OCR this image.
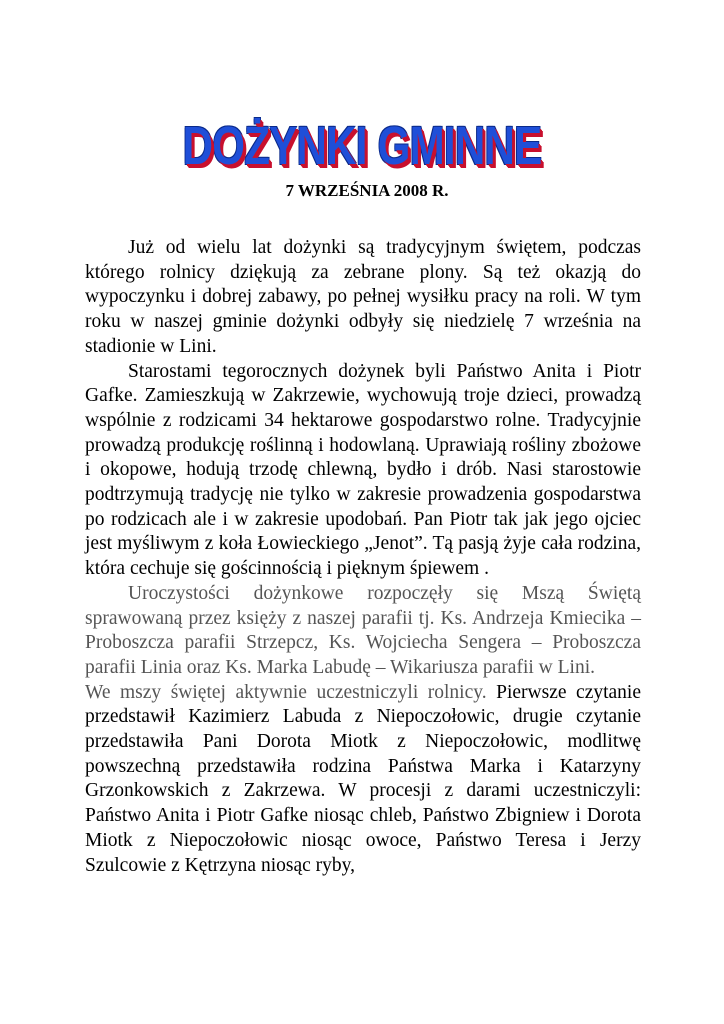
DOŻYNKI GMINNE
7 WRZEŚNIA 2008 R.

Już od wielu lat dożynki są tradycyjnym świętem, podczas którego rolnicy dziękują za zebrane plony. Są też okazją do wypoczynku i dobrej zabawy, po pełnej wysiłku pracy na roli. W tym roku w naszej gminie dożynki odbyły się niedzielę 7 września na stadionie w Lini.

Starostami tegorocznych dożynek byli Państwo Anita i Piotr Gafke. Zamieszkują w Zakrzewie, wychowują troje dzieci, prowadzą wspólnie z rodzicami 34 hektarowe gospodarstwo rolne. Tradycyjnie prowadzą produkcję roślinną i hodowlaną. Uprawiają rośliny zbożowe i okopowe, hodują trzodę chlewną, bydło i drób. Nasi starostowie podtrzymują tradycję nie tylko w zakresie prowadzenia gospodarstwa po rodzicach ale i w zakresie upodobań. Pan Piotr tak jak jego ojciec jest myśliwym z koła Łowieckiego „Jenot”. Tą pasją żyje cała rodzina, która cechuje się gościnnością i pięknym śpiewem .

Uroczystości dożynkowe rozpoczęły się Mszą Świętą sprawowaną przez księży z naszej parafii tj. Ks. Andrzeja Kmiecika – Proboszcza parafii Strzepcz, Ks. Wojciecha Sengera – Proboszcza parafii Linia oraz Ks. Marka Labudę – Wikariusza parafii w Lini.

We mszy świętej aktywnie uczestniczyli rolnicy. Pierwsze czytanie przedstawił Kazimierz Labuda z Niepoczołowic, drugie czytanie przedstawiła Pani Dorota Miotk z Niepoczołowic, modlitwę powszechną przedstawiła rodzina Państwa Marka i Katarzyny Grzonkowskich z Zakrzewa. W procesji z darami uczestniczyli: Państwo Anita i Piotr Gafke niosąc chleb, Państwo Zbigniew i Dorota Miotk z Niepoczołowic niosąc owoce, Państwo Teresa i Jerzy Szulcowie z Kętrzyna niosąc ryby,
